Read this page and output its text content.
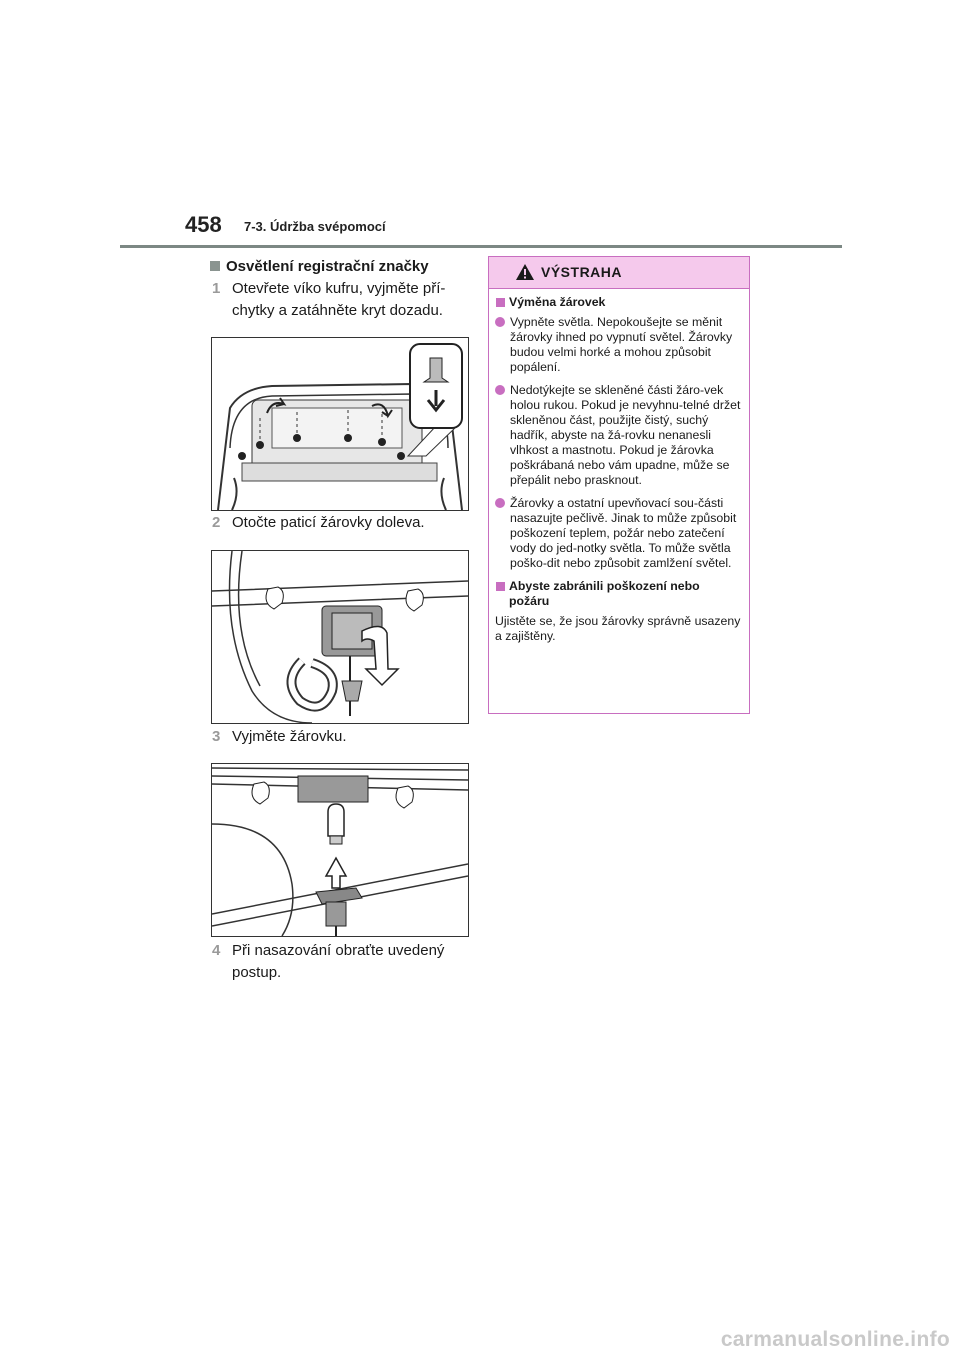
458 7-3. Údržba svépomocí
Osvětlení registrační značky
1 Otevřete víko kufru, vyjměte pří-chytky a zatáhněte kryt dozadu.
2 Otočte paticí žárovky doleva.
3 Vyjměte žárovku.
4 Při nasazování obraťte uvedený postup.
VÝSTRAHA
Výměna žárovek
Vypněte světla. Nepokoušejte se měnit žárovky ihned po vypnutí světel. Žárovky budou velmi horké a mohou způsobit popálení.
Nedotýkejte se skleněné části žáro-vek holou rukou. Pokud je nevyhnu-telné držet skleněnou část, použijte čistý, suchý hadřík, abyste na žá-rovku nenanesli vlhkost a mastnotu. Pokud je žárovka poškrábaná nebo vám upadne, může se přepálit nebo prasknout.
Žárovky a ostatní upevňovací sou-části nasazujte pečlivě. Jinak to může způsobit poškození teplem, požár nebo zatečení vody do jed-notky světla. To může světla poško-dit nebo způsobit zamlžení světel.
Abyste zabránili poškození nebo požáru

Ujistěte se, že jsou žárovky správně usazeny a zajištěny.

carmanualsonline.info
